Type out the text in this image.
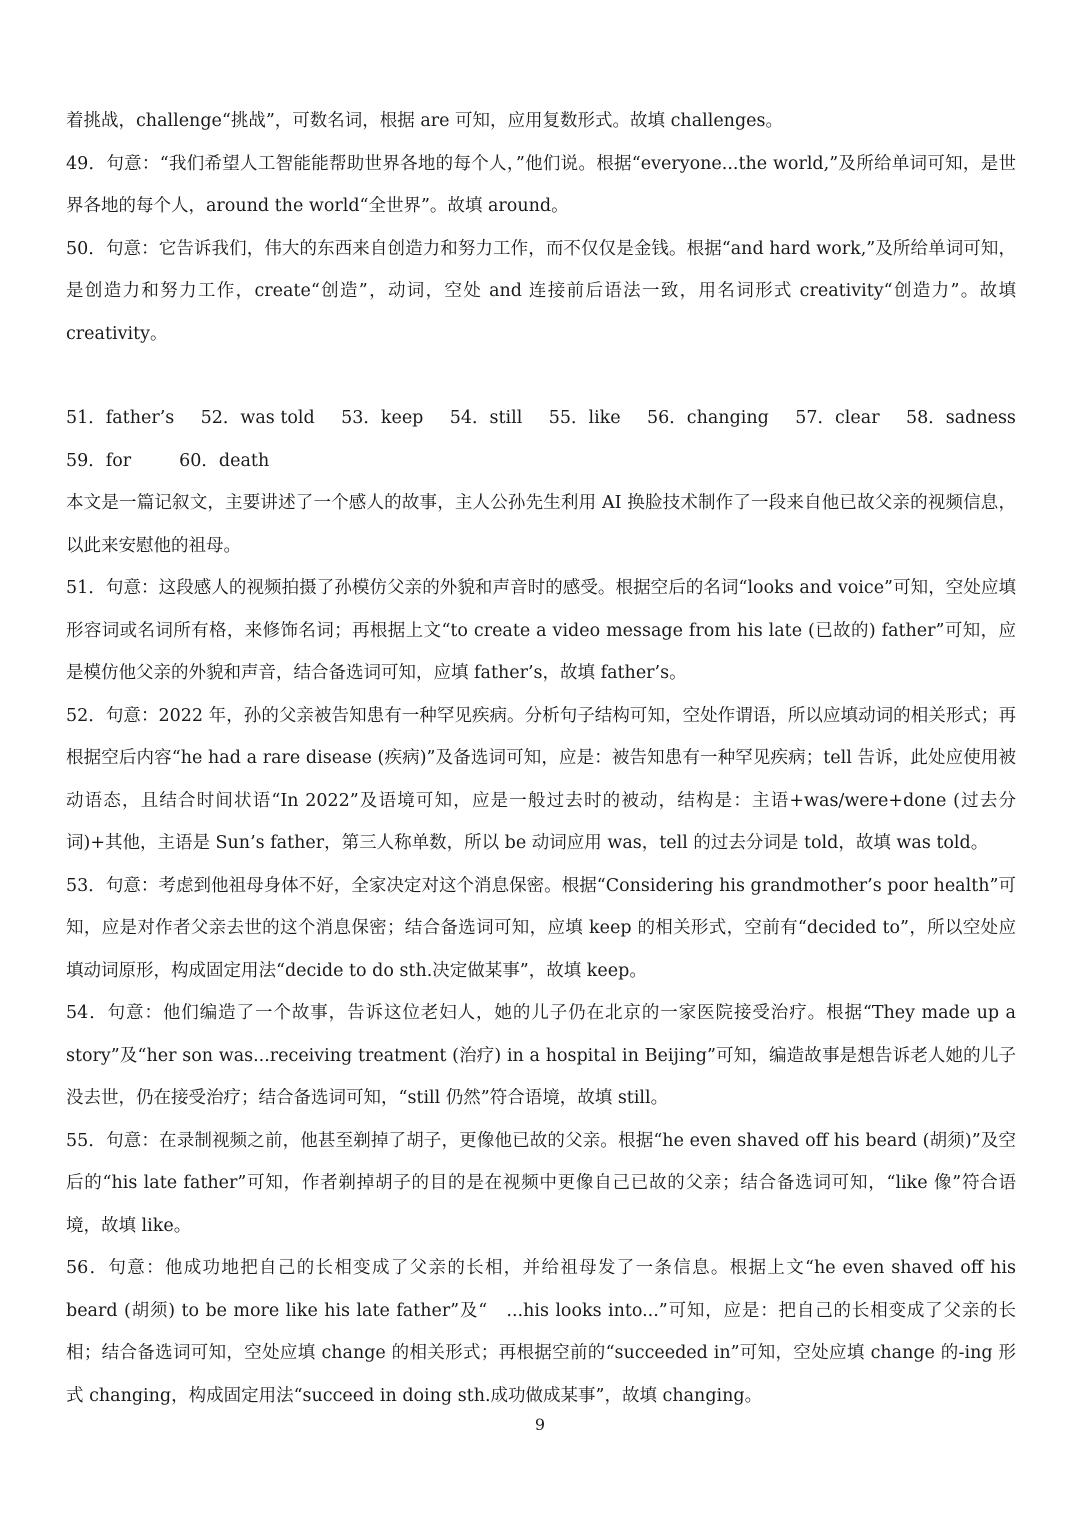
着挑战，challenge“挑战”，可数名词，根据 are 可知，应用复数形式。故填 challenges。

49．句意：“我们希望人工智能能帮助世界各地的每个人，”他们说。根据“everyone...the world,”及所给单词可知，是世界各地的每个人，around the world“全世界”。故填 around。

50．句意：它告诉我们，伟大的东西来自创造力和努力工作，而不仅仅是金钱。根据“and hard work,”及所给单词可知，是创造力和努力工作，create“创造”，动词，空处 and 连接前后语法一致，用名词形式 creativity“创造力”。故填 creativity。

51．father’s 52．was told 53．keep 54．still 55．like 56．changing 57．clear 58．sadness
59．for	60．death

本文是一篇记叙文，主要讲述了一个感人的故事，主人公孙先生利用 AI 换脸技术制作了一段来自他已故父亲的视频信息，以此来安慰他的祖母。

51．句意：这段感人的视频拍摄了孙模仿父亲的外貌和声音时的感受。根据空后的名词“looks and voice”可知，空处应填形容词或名词所有格，来修饰名词；再根据上文“to create a video message from his late (已故的) father”可知，应是模仿他父亲的外貌和声音，结合备选词可知，应填 father’s，故填 father’s。

52．句意：2022 年，孙的父亲被告知患有一种罕见疾病。分析句子结构可知，空处作谓语，所以应填动词的相关形式；再根据空后内容“he had a rare disease (疾病)”及备选词可知，应是：被告知患有一种罕见疾病；tell 告诉，此处应使用被动语态，且结合时间状语“In 2022”及语境可知，应是一般过去时的被动，结构是：主语+was/were+done (过去分词)+其他，主语是 Sun’s father，第三人称单数，所以 be 动词应用 was，tell 的过去分词是 told，故填 was told。

53．句意：考虑到他祖母身体不好，全家决定对这个消息保密。根据“Considering his grandmother’s poor health”可知，应是对作者父亲去世的这个消息保密；结合备选词可知，应填 keep 的相关形式，空前有“decided to”，所以空处应填动词原形，构成固定用法“decide to do sth.决定做某事”，故填 keep。

54．句意：他们编造了一个故事，告诉这位老妇人，她的儿子仍在北京的一家医院接受治疗。根据“They made up a story”及“her son was...receiving treatment (治疗) in a hospital in Beijing”可知，编造故事是想告诉老人她的儿子没去世，仍在接受治疗；结合备选词可知，“still 仍然”符合语境，故填 still。

55．句意：在录制视频之前，他甚至剃掉了胡子，更像他已故的父亲。根据“he even shaved off his beard (胡须)”及空后的“his late father”可知，作者剃掉胡子的目的是在视频中更像自己已故的父亲；结合备选词可知，“like 像”符合语境，故填 like。

56．句意：他成功地把自己的长相变成了父亲的长相，并给祖母发了一条信息。根据上文“he even shaved off his beard (胡须) to be more like his late father”及“　...his looks into...”可知，应是：把自己的长相变成了父亲的长相；结合备选词可知，空处应填 change 的相关形式；再根据空前的“succeeded in”可知，空处应填 change 的-ing 形式 changing，构成固定用法“succeed in doing sth.成功做成某事”，故填 changing。

9
